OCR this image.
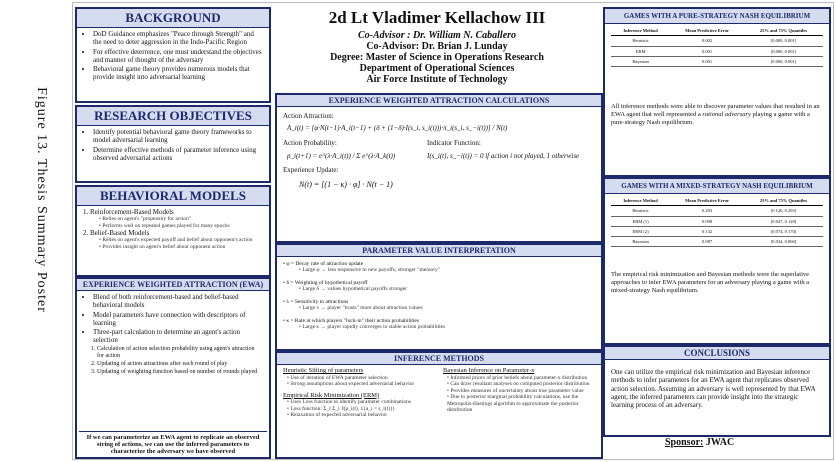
Figure 13. Thesis Summary Poster
BACKGROUND
• DoD Guidance emphasizes "Peace through Strength" and the need to deter aggression in the Indo-Pacific Region
• For effective deterrence, one must understand the objectives and manner of thought of the adversary
• Behavioral game theory provides numerous models that provide insight into adversarial learning
RESEARCH OBJECTIVES
• Identify potential behavioral game theory frameworks to model adversarial learning
• Determine effective methods of parameter inference using observed adversarial actions
BEHAVIORAL MODELS
1. Reinforcement-Based Models
• Relies on agent's "propensity for action"
• Performs well on repeated games played for many epochs
2. Belief-Based Models
• Relies on agent's expected payoff and belief about opponent's action
• Provides insight on agent's belief about opponent action
EXPERIENCE WEIGHTED ATTRACTION (EWA)
• Blend of both reinforcement-based and belief-based behavioral models
• Model parameters have connection with descriptors of learning
• Three-part calculation to determine an agent's action selection
1. Calculation of action selection probability using agent's attraction for action
2. Updating of action attractions after each round of play
3. Updating of weighting function based on number of rounds played
If we can parameterize an EWA agent to replicate an observed string of actions, we can use the inferred parameters to characterize the adversary we have observed
2d Lt Vladimer Kellachow III
Co-Advisor : Dr. William N. Caballero
Co-Advisor: Dr. Brian J. Lunday
Degree: Master of Science in Operations Research
Department of Operational Sciences
Air Force Institute of Technology
EXPERIENCE WEIGHTED ATTRACTION CALCULATIONS
Action Attraction:
A_i(t) = [φ·N(t−1)·A_i(t−1) + (δ + (1−δ)·I(s_i, s_i(t)))·π_i(s_i, s_−i(t))] / N(t)
Action Probability:	Indicator Function:
p_i(t+1) = e^(λ·A_i(t)) / Σ e^(λ·A_k(t))	I(s_i(t), s_−i(t)) = 0 if action i not played, 1 otherwise
Experience Update:
N(t) = [(1 − κ) · φ] · N(t − 1)
PARAMETER VALUE INTERPRETATION
• φ = Decay rate of attraction update
• Large φ → less responsive to new payoffs; stronger "memory"
• δ = Weighting of hypothetical payoff
• Large δ → values hypothetical payoffs stronger
• λ = Sensitivity to attractions
• Large λ → player "trusts" more about attraction values
• κ = Rate at which players "lock-in" their action probabilities
• Large κ → player rapidly converges to stable action probabilities
INFERENCE METHODS
Heuristic Sifting of parameters
• Use of iteration of EWA parameter selection
• Strong assumptions about expected adversarial behavior
Empirical Risk Minimization (ERM)
• Uses Loss function to identify parameter combinations
• Loss function: Σ_t Σ_i ℓ(p_i(t), 1{a_i = s_i(t)})
• Relaxation of expected adversarial behavior
Bayesian Inference on Parameter-x
• Informed priors of prior beliefs about parameter-x distribution
• Can draw resultant analyses on computed posterior distribution
• Provides measures of uncertainty about true parameter value
• Due to posterior marginal probability calculations, use the Metropolis-Hastings algorithm to approximate the posterior distribution
GAMES WITH A PURE-STRATEGY NASH EQUILIBRIUM
Inference Method	Mean Predictive Error	25% and 75% Quantiles
Heuristic	0.002	[0.000, 0.001]
ERM	0.001	[0.000, 0.001]
Bayesian	0.001	[0.000, 0.001]
All inference methods were able to discover parameter values that resulted in an EWA agent that well represented a rational adversary playing a game with a pure-strategy Nash equilibrium.
GAMES WITH A MIXED-STRATEGY NASH EQUILIBRIUM
Inference Method	Mean Predictive Error	25% and 75% Quantiles
Heuristic	0.203	[0.120, 0.293]
ERM (1)	0.098	[0.047, 0.128]
ERM (2)	0.132	[0.074, 0.170]
Bayesian	0.087	[0.034, 0.066]
The empirical risk minimization and Bayesian methods were the superlative approaches to infer EWA parameters for an adversary playing a game with a mixed-strategy Nash equilibrium.
CONCLUSIONS
One can utilize the empirical risk minimization and Bayesian inference methods to infer parameters for an EWA agent that replicates observed action selection. Assuming an adversary is well represented by that EWA agent, the inferred parameters can provide insight into the strategic learning process of an adversary.
Sponsor: JWAC
